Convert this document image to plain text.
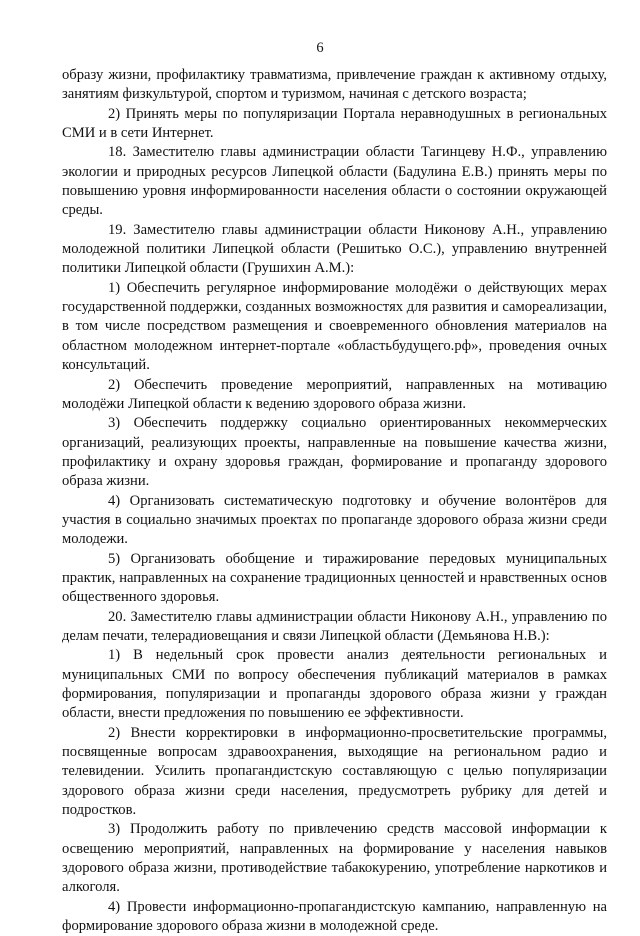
6

образу жизни, профилактику травматизма, привлечение граждан к активному отдыху, занятиям физкультурой, спортом и туризмом, начиная с детского возраста;

2) Принять меры по популяризации Портала неравнодушных в региональных СМИ и в сети Интернет.

18. Заместителю главы администрации области Тагинцеву Н.Ф., управлению экологии и природных ресурсов Липецкой области (Бадулина Е.В.) принять меры по повышению уровня информированности населения области о состоянии окружающей среды.

19. Заместителю главы администрации области Никонову А.Н., управлению молодежной политики Липецкой области (Решитько О.С.), управлению внутренней политики Липецкой области (Грушихин А.М.):

1) Обеспечить регулярное информирование молодёжи о действующих мерах государственной поддержки, созданных возможностях для развития и самореализации, в том числе посредством размещения и своевременного обновления материалов на областном молодежном интернет-портале «областьбудущего.рф», проведения очных консультаций.

2) Обеспечить проведение мероприятий, направленных на мотивацию молодёжи Липецкой области к ведению здорового образа жизни.

3) Обеспечить поддержку социально ориентированных некоммерческих организаций, реализующих проекты, направленные на повышение качества жизни, профилактику и охрану здоровья граждан, формирование и пропаганду здорового образа жизни.

4) Организовать систематическую подготовку и обучение волонтёров для участия в социально значимых проектах по пропаганде здорового образа жизни среди молодежи.

5) Организовать обобщение и тиражирование передовых муниципальных практик, направленных на сохранение традиционных ценностей и нравственных основ общественного здоровья.

20. Заместителю главы администрации области Никонову А.Н., управлению по делам печати, телерадиовещания и связи Липецкой области (Демьянова Н.В.):

1) В недельный срок провести анализ деятельности региональных и муниципальных СМИ по вопросу обеспечения публикаций материалов в рамках формирования, популяризации и пропаганды здорового образа жизни у граждан области, внести предложения по повышению ее эффективности.

2) Внести корректировки в информационно-просветительские программы, посвященные вопросам здравоохранения, выходящие на региональном радио и телевидении. Усилить пропагандистскую составляющую с целью популяризации здорового образа жизни среди населения, предусмотреть рубрику для детей и подростков.

3) Продолжить работу по привлечению средств массовой информации к освещению мероприятий, направленных на формирование у населения навыков здорового образа жизни, противодействие табакокурению, употребление наркотиков и алкоголя.

4) Провести информационно-пропагандистскую кампанию, направленную на формирование здорового образа жизни в молодежной среде.
